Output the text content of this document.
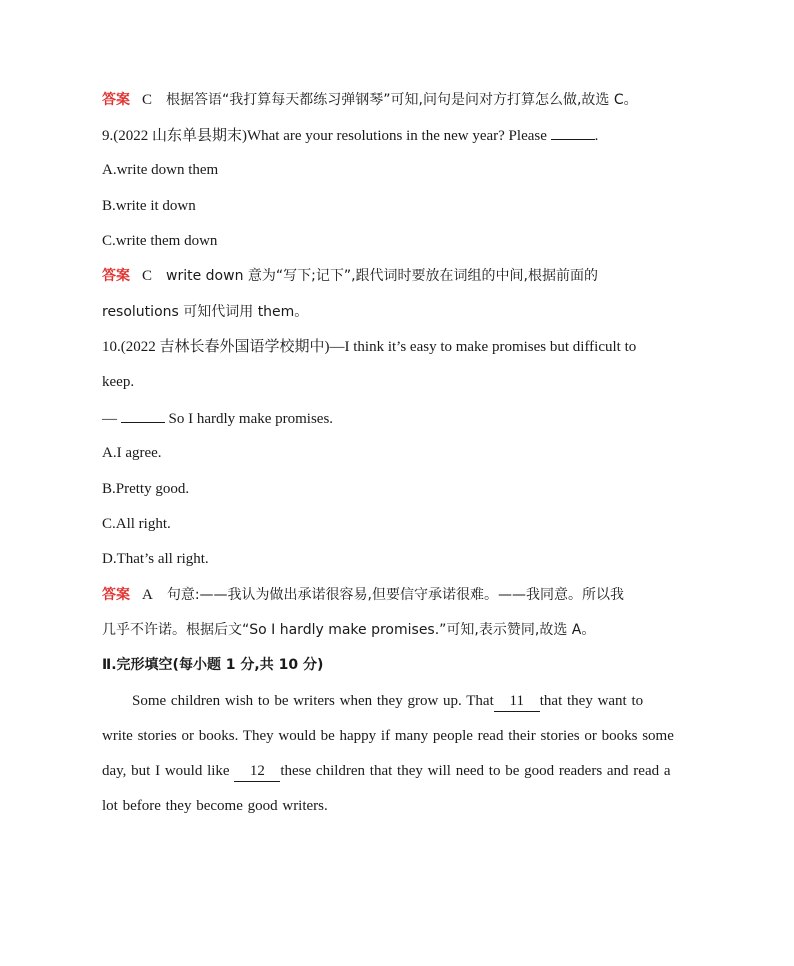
答案 C 根据答语“我打算每天都练习弹钢琴”可知,问句是问对方打算怎么做,故选 C。
9.(2022 山东单县期末)What are your resolutions in the new year? Please	.
A.write down them
B.write it down
C.write them down
答案 C write down 意为“写下;记下”,跟代词时要放在词组的中间,根据前面的
resolutions 可知代词用 them。
10.(2022 吉林长春外国语学校期中)—I think it’s easy to make promises but difficult to
keep.
—	So I hardly make promises.
A.I agree.
B.Pretty good.
C.All right.
D.That’s all right.
答案 A 句意:——我认为做出承诺很容易,但要信守承诺很难。——我同意。所以我
几乎不许诺。根据后文“So I hardly make promises.”可知,表示赞同,故选 A。
Ⅱ.完形填空(每小题 1 分,共 10 分)
Some children wish to be writers when they grow up. That 11 that they want to
write stories or books. They would be happy if many people read their stories or books some
day, but I would like 12 these children that they will need to be good readers and read a
lot before they become good writers.
